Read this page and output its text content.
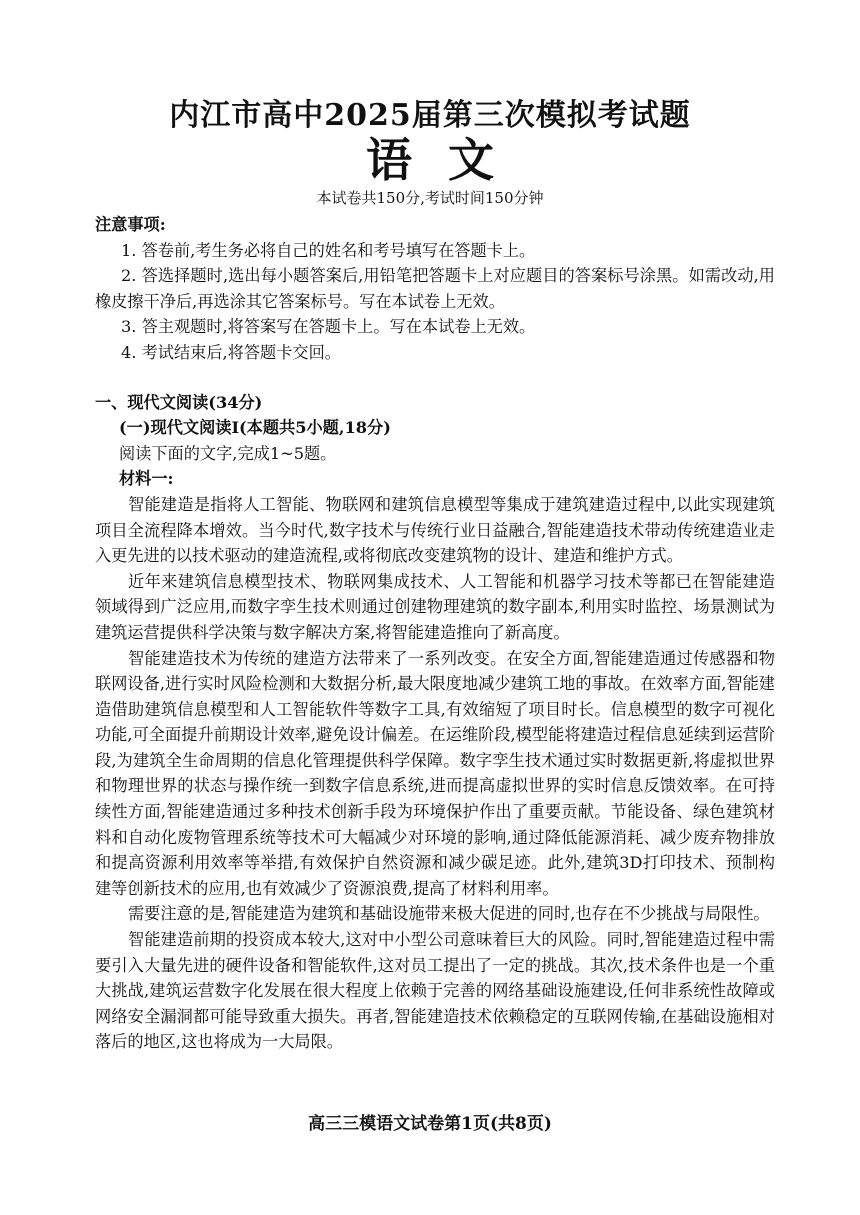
内江市高中2025届第三次模拟考试题
语文
本试卷共150分,考试时间150分钟

注意事项:

1. 答卷前,考生务必将自己的姓名和考号填写在答题卡上。

2. 答选择题时,选出每小题答案后,用铅笔把答题卡上对应题目的答案标号涂黑。如需改动,用橡皮擦干净后,再选涂其它答案标号。写在本试卷上无效。

3. 答主观题时,将答案写在答题卡上。写在本试卷上无效。

4. 考试结束后,将答题卡交回。

一、现代文阅读(34分)

(一)现代文阅读Ⅰ(本题共5小题,18分)

阅读下面的文字,完成1~5题。

材料一:

智能建造是指将人工智能、物联网和建筑信息模型等集成于建筑建造过程中,以此实现建筑项目全流程降本增效。当今时代,数字技术与传统行业日益融合,智能建造技术带动传统建造业走入更先进的以技术驱动的建造流程,或将彻底改变建筑物的设计、建造和维护方式。

近年来建筑信息模型技术、物联网集成技术、人工智能和机器学习技术等都已在智能建造领域得到广泛应用,而数字孪生技术则通过创建物理建筑的数字副本,利用实时监控、场景测试为建筑运营提供科学决策与数字解决方案,将智能建造推向了新高度。

智能建造技术为传统的建造方法带来了一系列改变。在安全方面,智能建造通过传感器和物联网设备,进行实时风险检测和大数据分析,最大限度地减少建筑工地的事故。在效率方面,智能建造借助建筑信息模型和人工智能软件等数字工具,有效缩短了项目时长。信息模型的数字可视化功能,可全面提升前期设计效率,避免设计偏差。在运维阶段,模型能将建造过程信息延续到运营阶段,为建筑全生命周期的信息化管理提供科学保障。数字孪生技术通过实时数据更新,将虚拟世界和物理世界的状态与操作统一到数字信息系统,进而提高虚拟世界的实时信息反馈效率。在可持续性方面,智能建造通过多种技术创新手段为环境保护作出了重要贡献。节能设备、绿色建筑材料和自动化废物管理系统等技术可大幅减少对环境的影响,通过降低能源消耗、减少废弃物排放和提高资源利用效率等举措,有效保护自然资源和减少碳足迹。此外,建筑3D打印技术、预制构建等创新技术的应用,也有效减少了资源浪费,提高了材料利用率。

需要注意的是,智能建造为建筑和基础设施带来极大促进的同时,也存在不少挑战与局限性。

智能建造前期的投资成本较大,这对中小型公司意味着巨大的风险。同时,智能建造过程中需要引入大量先进的硬件设备和智能软件,这对员工提出了一定的挑战。其次,技术条件也是一个重大挑战,建筑运营数字化发展在很大程度上依赖于完善的网络基础设施建设,任何非系统性故障或网络安全漏洞都可能导致重大损失。再者,智能建造技术依赖稳定的互联网传输,在基础设施相对落后的地区,这也将成为一大局限。

高三三模语文试卷第1页(共8页)
